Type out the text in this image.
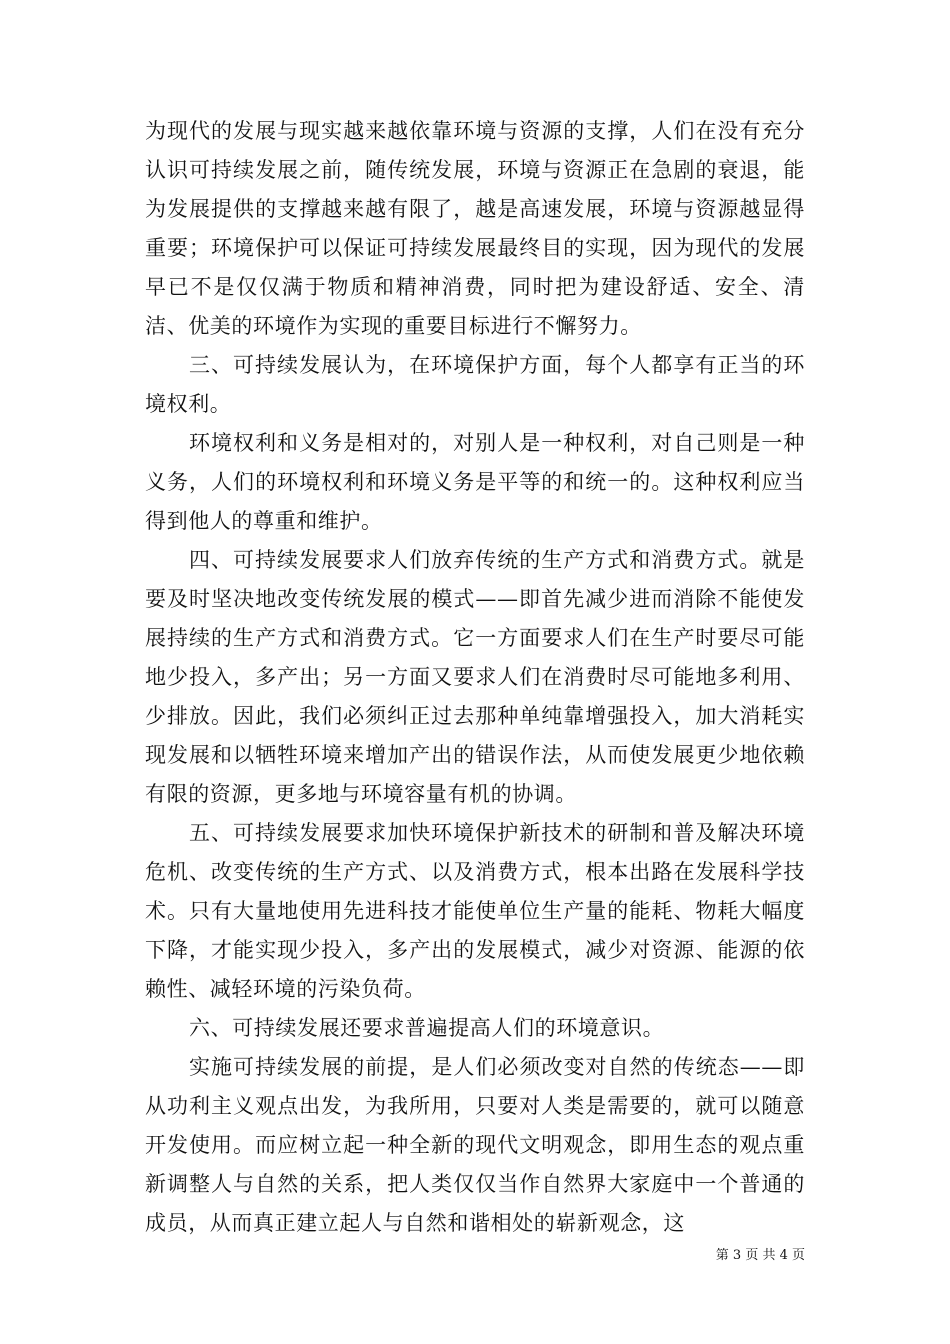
为现代的发展与现实越来越依靠环境与资源的支撑，人们在没有充分认识可持续发展之前，随传统发展，环境与资源正在急剧的衰退，能为发展提供的支撑越来越有限了，越是高速发展，环境与资源越显得重要；环境保护可以保证可持续发展最终目的实现，因为现代的发展早已不是仅仅满于物质和精神消费，同时把为建设舒适、安全、清洁、优美的环境作为实现的重要目标进行不懈努力。

三、可持续发展认为，在环境保护方面，每个人都享有正当的环境权利。

环境权利和义务是相对的，对别人是一种权利，对自己则是一种义务，人们的环境权利和环境义务是平等的和统一的。这种权利应当得到他人的尊重和维护。

四、可持续发展要求人们放弃传统的生产方式和消费方式。就是要及时坚决地改变传统发展的模式——即首先减少进而消除不能使发展持续的生产方式和消费方式。它一方面要求人们在生产时要尽可能地少投入，多产出；另一方面又要求人们在消费时尽可能地多利用、少排放。因此，我们必须纠正过去那种单纯靠增强投入，加大消耗实现发展和以牺牲环境来增加产出的错误作法，从而使发展更少地依赖有限的资源，更多地与环境容量有机的协调。

五、可持续发展要求加快环境保护新技术的研制和普及解决环境危机、改变传统的生产方式、以及消费方式，根本出路在发展科学技术。只有大量地使用先进科技才能使单位生产量的能耗、物耗大幅度下降，才能实现少投入，多产出的发展模式，减少对资源、能源的依赖性、减轻环境的污染负荷。

六、可持续发展还要求普遍提高人们的环境意识。

实施可持续发展的前提，是人们必须改变对自然的传统态——即从功利主义观点出发，为我所用，只要对人类是需要的，就可以随意开发使用。而应树立起一种全新的现代文明观念，即用生态的观点重新调整人与自然的关系，把人类仅仅当作自然界大家庭中一个普通的成员，从而真正建立起人与自然和谐相处的崭新观念，这

第 3 页 共 4 页
